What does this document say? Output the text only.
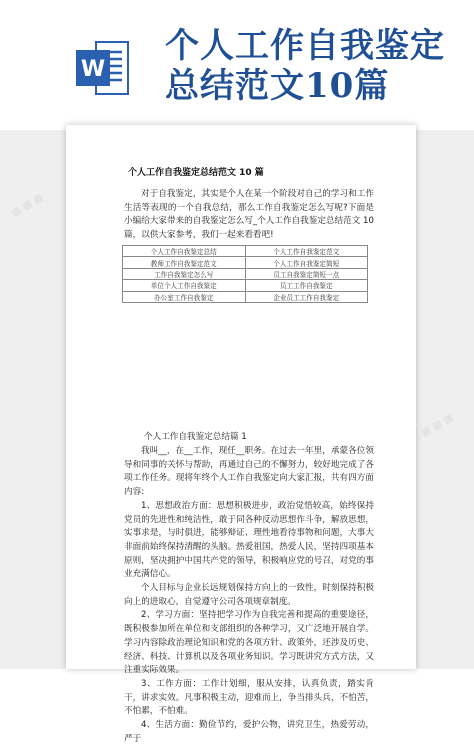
W
个人工作自我鉴定
总结范文10篇
个人工作自我鉴定总结范文 10 篇

对于自我鉴定，其实是个人在某一个阶段对自己的学习和工作生活等表现的一个自我总结，那么工作自我鉴定怎么写呢?下面是小编给大家带来的自我鉴定怎么写_个人工作自我鉴定总结范文 10 篇，以供大家参考，我们一起来看看吧!

个人工作自我鉴定总结	个人工作自我鉴定范文
教师工作自我鉴定范文	个人工作自我鉴定简短
工作自我鉴定怎么写	员工自我鉴定简短一点
单位个人工作自我鉴定	员工工作自我鉴定
办公室工作自我鉴定	企业员工工作自我鉴定
个人工作自我鉴定总结篇 1

我叫__，在__工作，现任__职务。在过去一年里，承蒙各位领导和同事的关怀与帮助，再通过自己的不懈努力，较好地完成了各项工作任务。现将年终个人工作自我鉴定向大家汇报，共有四方面内容:

1、思想政治方面：思想积极进步，政治觉悟较高，始终保持党员的先进性和纯洁性，敢于同各种反动思想作斗争，解放思想，实事求是，与时俱进，能够辩证、理性地看待事物和问题，大事大非面前始终保持清醒的头脑。热爱祖国，热爱人民，坚持四项基本原则，坚决拥护中国共产党的领导，积极响应党的号召，对党的事业充满信心。

个人目标与企业长远规划保持方向上的一致性，时刻保持积极向上的进取心，自觉遵守公司各项规章制度。

2、学习方面：坚持把学习作为自我完善和提高的重要途径，既积极参加所在单位和支部组织的各种学习，又广泛地开展自学。学习内容除政治理论知识和党的各项方针、政策外，还涉及历史、经济、科技、计算机以及各项业务知识。学习既讲究方式方法，又注重实际效果。

3、工作方面：工作计划细，服从安排，认真负责，踏实肯干，讲求实效。凡事积极主动，迎难而上，争当排头兵，不怕苦，不怕累，不怕难。

4、生活方面：勤俭节约，爱护公物，讲究卫生，热爱劳动，严于
